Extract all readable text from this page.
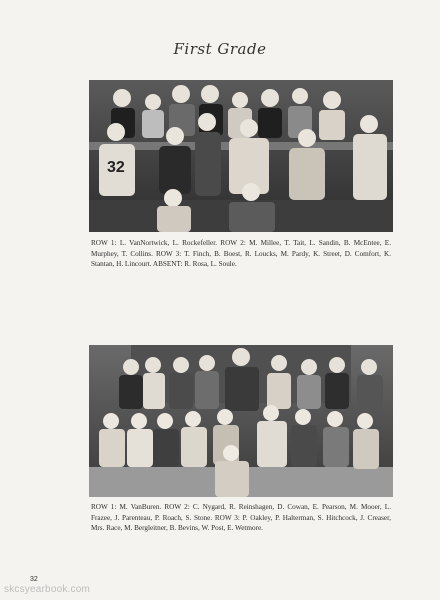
First Grade
32
ROW 1: L. VanNortwick, L. Rockefeller. ROW 2: M. Millee, T. Tait, L. Sandin, B. McEntee, E. Murphey, T. Collins. ROW 3: T. Finch, B. Boest, R. Loucks, M. Pardy, K. Street, D. Comfort, K. Stantan, H. Lincourt. ABSENT: R. Rosa, L. Soule.
ROW 1: M. VanBuren. ROW 2: C. Nygard, R. Reinshagen, D. Cowan, E. Pearson, M. Mooer, L. Frazee, J. Parenteau, P. Roach, S. Stone. ROW 3: P. Oakley, P. Halterman, S. Hitchcock, J. Creaser, Mrs. Race, M. Bergleitner, B. Bevins, W. Post, E. Wetmore.
32
skcsyearbook.com
